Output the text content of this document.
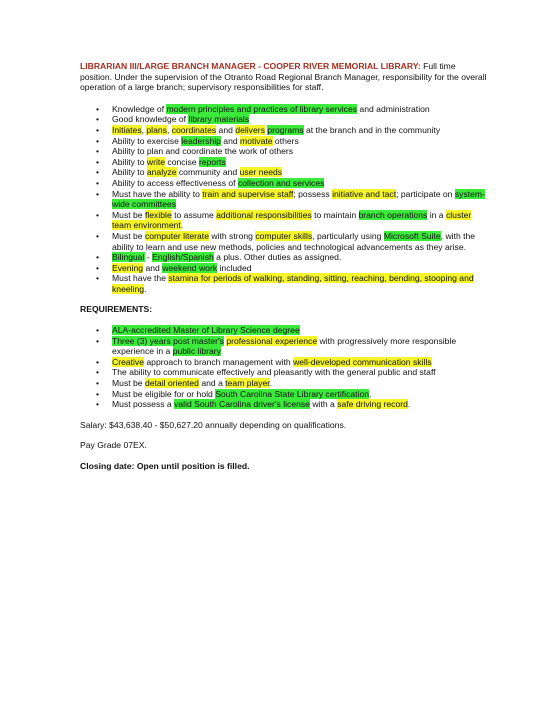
LIBRARIAN III/LARGE BRANCH MANAGER - COOPER RIVER MEMORIAL LIBRARY: Full time position. Under the supervision of the Otranto Road Regional Branch Manager, responsibility for the overall operation of a large branch; supervisory responsibilities for staff.

• Knowledge of modern principles and practices of library services and administration
• Good knowledge of library materials
• Initiates, plans, coordinates and delivers programs at the branch and in the community
• Ability to exercise leadership and motivate others
• Ability to plan and coordinate the work of others
• Ability to write concise reports
• Ability to analyze community and user needs
• Ability to access effectiveness of collection and services
• Must have the ability to train and supervise staff; possess initiative and tact; participate on system-wide committees
• Must be flexible to assume additional responsibilities to maintain branch operations in a cluster team environment.
• Must be computer literate with strong computer skills, particularly using Microsoft Suite, with the ability to learn and use new methods, policies and technological advancements as they arise.
• Bilingual - English/Spanish a plus. Other duties as assigned.
• Evening and weekend work included
• Must have the stamina for periods of walking, standing, sitting, reaching, bending, stooping and kneeling.

REQUIREMENTS:

• ALA-accredited Master of Library Science degree
• Three (3) years post master's professional experience with progressively more responsible experience in a public library
• Creative approach to branch management with well-developed communication skills
• The ability to communicate effectively and pleasantly with the general public and staff
• Must be detail oriented and a team player.
• Must be eligible for or hold South Carolina State Library certification.
• Must possess a valid South Carolina driver's license with a safe driving record.

Salary: $43,638.40 - $50,627.20 annually depending on qualifications.

Pay Grade 07EX.

Closing date: Open until position is filled.
